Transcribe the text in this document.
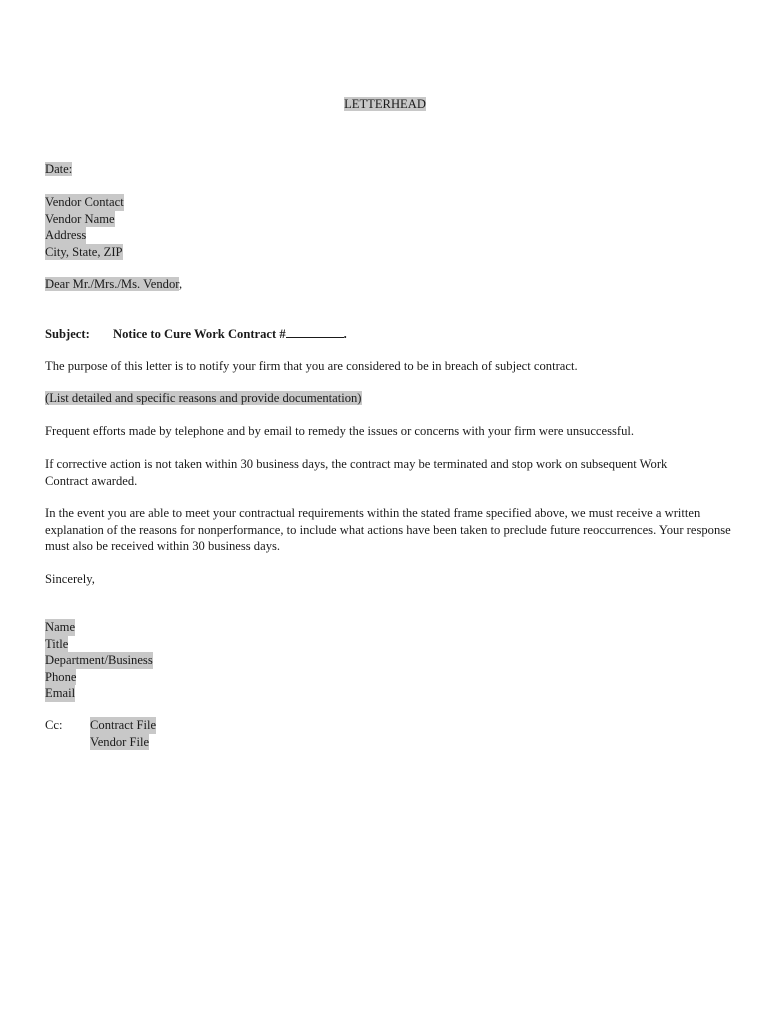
LETTERHEAD
Date:
Vendor Contact
Vendor Name
Address
City, State, ZIP
Dear Mr./Mrs./Ms. Vendor,
Subject: Notice to Cure Work Contract #	.
The purpose of this letter is to notify your firm that you are considered to be in breach of subject contract.
(List detailed and specific reasons and provide documentation)
Frequent efforts made by telephone and by email to remedy the issues or concerns with your firm were unsuccessful.
If corrective action is not taken within 30 business days, the contract may be terminated and stop work on subsequent Work Contract awarded.
In the event you are able to meet your contractual requirements within the stated frame specified above, we must receive a written explanation of the reasons for nonperformance, to include what actions have been taken to preclude future reoccurrences. Your response must also be received within 30 business days.
Sincerely,
Name
Title
Department/Business
Phone
Email
Cc: Contract File
Vendor File
